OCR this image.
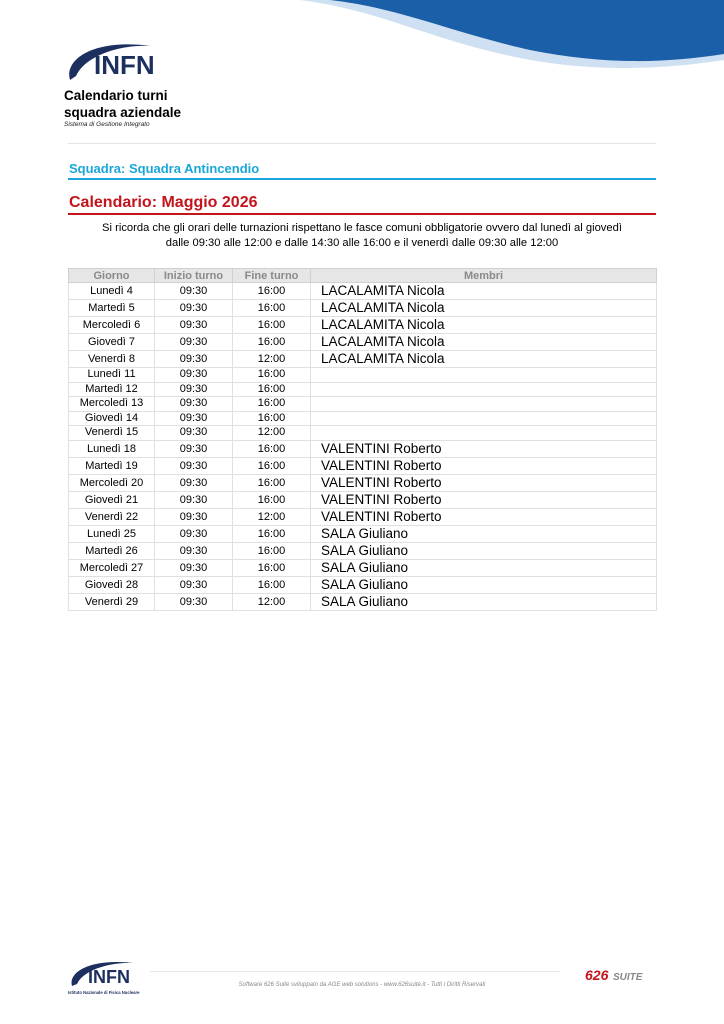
INFN
Calendario turni
squadra aziendale
Sistema di Gestione Integrato
Squadra: Squadra Antincendio
Calendario: Maggio 2026
Si ricorda che gli orari delle turnazioni rispettano le fasce comuni obbligatorie ovvero dal lunedì al giovedì
dalle 09:30 alle 12:00 e dalle 14:30 alle 16:00 e il venerdì dalle 09:30 alle 12:00
Giorno	Inizio turno	Fine turno	Membri
Lunedì 4	09:30	16:00	LACALAMITA Nicola
Martedì 5	09:30	16:00	LACALAMITA Nicola
Mercoledì 6	09:30	16:00	LACALAMITA Nicola
Giovedì 7	09:30	16:00	LACALAMITA Nicola
Venerdì 8	09:30	12:00	LACALAMITA Nicola
Lunedì 11	09:30	16:00	
Martedì 12	09:30	16:00	
Mercoledì 13	09:30	16:00	
Giovedì 14	09:30	16:00	
Venerdì 15	09:30	12:00	
Lunedì 18	09:30	16:00	VALENTINI Roberto
Martedì 19	09:30	16:00	VALENTINI Roberto
Mercoledì 20	09:30	16:00	VALENTINI Roberto
Giovedì 21	09:30	16:00	VALENTINI Roberto
Venerdì 22	09:30	12:00	VALENTINI Roberto
Lunedì 25	09:30	16:00	SALA Giuliano
Martedì 26	09:30	16:00	SALA Giuliano
Mercoledì 27	09:30	16:00	SALA Giuliano
Giovedì 28	09:30	16:00	SALA Giuliano
Venerdì 29	09:30	12:00	SALA Giuliano
INFN
Istituto Nazionale di Fisica Nucleare
Software 626 Suite sviluppato da AGE web solutions - www.626suite.it - Tutti i Diritti Riservati
626 SUITE
